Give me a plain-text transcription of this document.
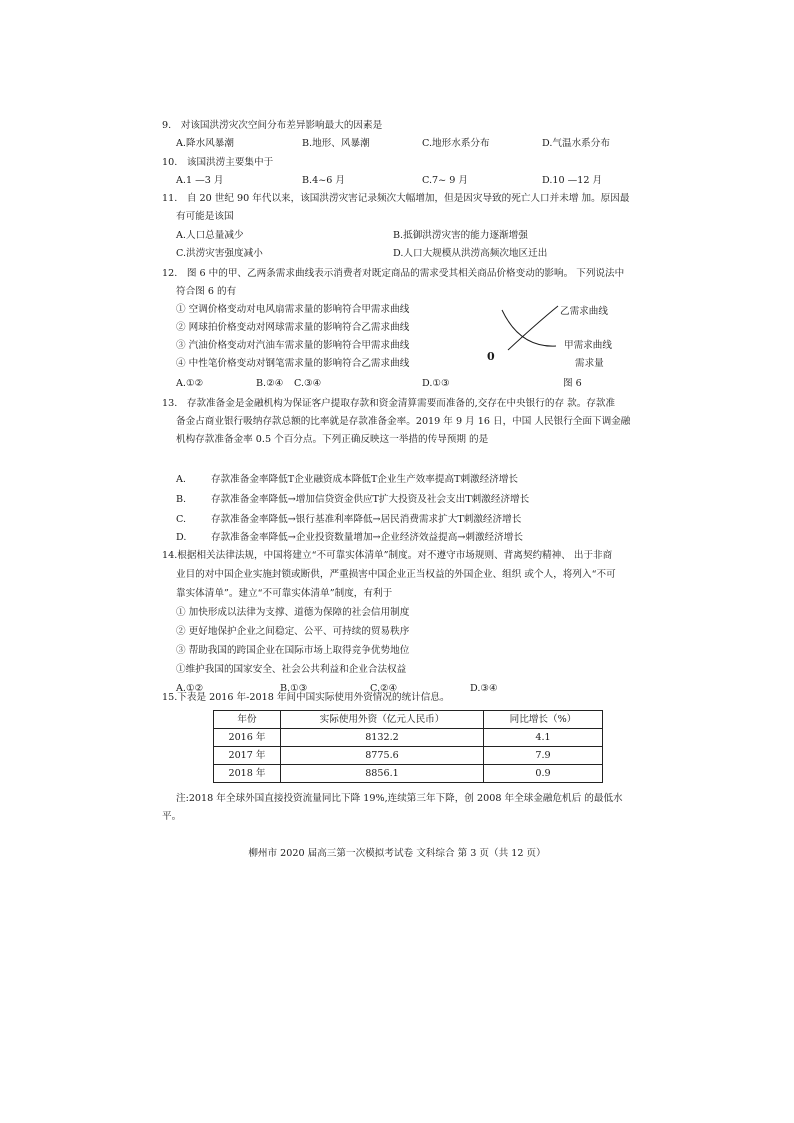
9.　对该国洪涝灾次空间分布差异影响最大的因素是
A.降水风暴潮	B.地形、风暴潮	C.地形水系分布	D.气温水系分布
10.　该国洪涝主要集中于
A.1 —3 月	B.4~6 月	C.7~ 9 月	D.10 —12 月
11.　自 20 世纪 90 年代以来，该国洪涝灾害记录频次大幅增加，但是因灾导致的死亡人口并未增 加。原因最
有可能是该国
A.人口总量减少	B.抵御洪涝灾害的能力逐渐增强
C.洪涝灾害强度减小	D.人口大规模从洪涝高频次地区迁出
12.　图 6 中的甲、乙两条需求曲线表示消费者对既定商品的需求受其相关商品价格变动的影响。 下列说法中
符合图 6 的有
① 空调价格变动对电风扇需求量的影响符合甲需求曲线
② 网球拍价格变动对网球需求量的影响符合乙需求曲线
③ 汽油价格变动对汽油车需求量的影响符合甲需求曲线
④ 中性笔价格变动对钢笔需求量的影响符合乙需求曲线
A.①②	B.②④ C.③④	D.①③
乙需求曲线
甲需求曲线
0
需求量
图 6
13.　存款准备金是金融机构为保证客户提取存款和资金清算需要而准备的,交存在中央银行的存 款。存款准
备金占商业银行吸纳存款总额的比率就是存款准备金率。2019 年 9 月 16 日，中国 人民银行全面下调金融
机构存款准备金率 0.5 个百分点。下列正确反映这一举措的传导预期 的是
A.	存款准备金率降低T企业融资成本降低T企业生产效率提高T刺激经济增长
B.	存款准备金率降低→增加信贷资金供应T扩大投资及社会支出T刺激经济增长
C.	存款准备金率降低→银行基准利率降低→居民消费需求扩大T刺激经济增长
D.	存款准备金率降低→企业投资数量增加→企业经济效益提高→刺激经济增长
14.根据相关法律法规，中国将建立“不可靠实体清单”制度。对不遵守市场规则、背离契约精神、 出于非商
业目的对中国企业实施封锁或断供，严重损害中国企业正当权益的外国企业、组织 或个人，将列入“不可
靠实体清单”。建立“不可靠实体清单”制度，有利于
① 加快形成以法律为支撑、道德为保障的社会信用制度
② 更好地保护企业之间稳定、公平、可持续的贸易秩序
③ 帮助我国的跨国企业在国际市场上取得竞争优势地位
①维护我国的国家安全、社会公共利益和企业合法权益
A.①②	B.①③	C.②④	D.③④
15.下表是 2016 年-2018 年间中国实际使用外资情况的统计信息。
年份	实际使用外资（亿元人民币）	同比增长（%）
2016 年	8132.2	4.1
2017 年	8775.6	7.9
2018 年	8856.1	0.9
注:2018 年全球外国直接投资流量同比下降 19%,连续第三年下降，创 2008 年全球金融危机后 的最低水
平。
柳州市 2020 届高三第一次模拟考试卷 文科综合 第 3 页（共 12 页）
